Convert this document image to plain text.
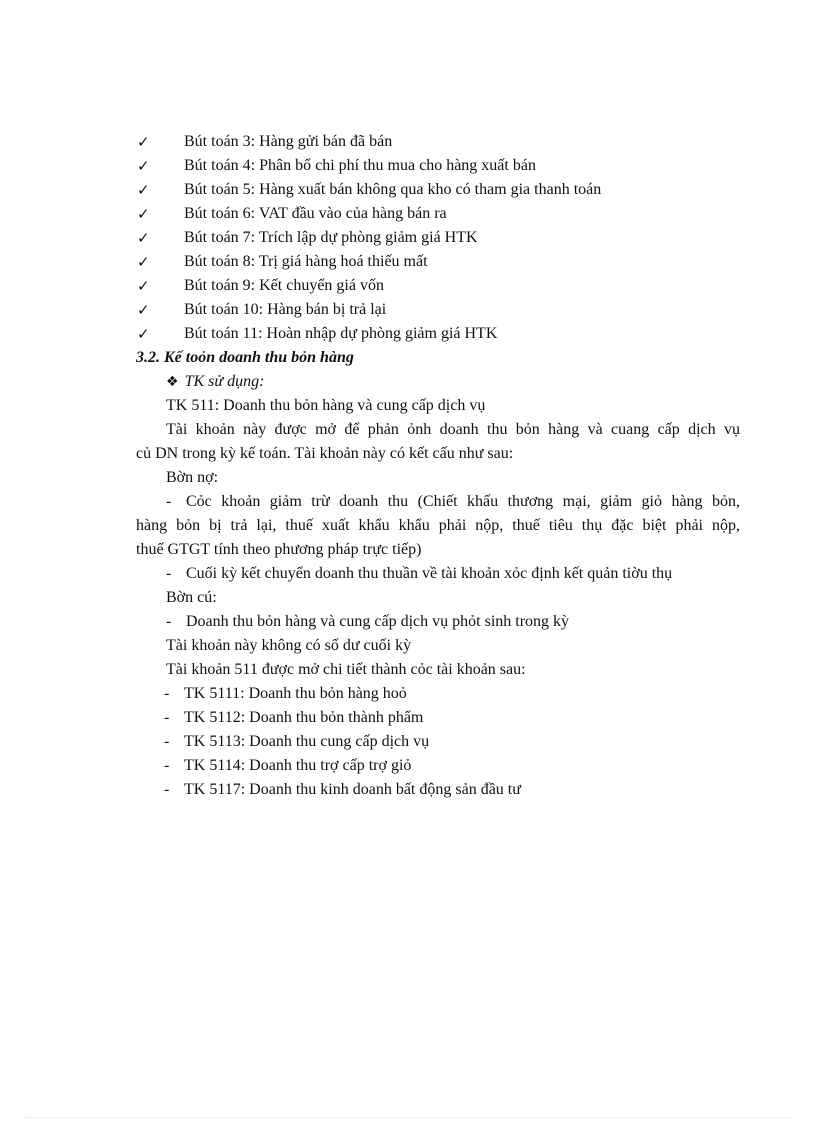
✓	Bút toán 3: Hàng gửi bán đã bán
✓	Bút toán 4: Phân bổ chi phí thu mua cho hàng xuất bán
✓	Bút toán 5: Hàng xuất bán không qua kho có tham gia thanh toán
✓	Bút toán 6: VAT đầu vào của hàng bán ra
✓	Bút toán 7: Trích lập dự phòng giảm giá HTK
✓	Bút toán 8: Trị giá hàng hoá thiếu mất
✓	Bút toán 9: Kết chuyển giá vốn
✓	Bút toán 10: Hàng bán bị trả lại
✓	Bút toán 11: Hoàn nhập dự phòng giảm giá HTK
3.2. Kế toỏn doanh thu bỏn hàng
❖ TK sử dụng:
TK 511: Doanh thu bỏn hàng và cung cấp dịch vụ
Tài khoản này được mở để phản ỏnh doanh thu bỏn hàng và cuang cấp dịch vụ
củ DN trong kỳ kế toán. Tài khoản này có kết cấu như sau:
Bờn nợ:
- Cỏc khoản giảm trừ doanh thu (Chiết khấu thương mại, giảm giỏ hàng bỏn,
hàng bỏn bị trả lại, thuế xuất khẩu khẩu phải nộp, thuế tiêu thụ đặc biệt phải nộp,
thuế GTGT tính theo phương pháp trực tiếp)
- Cuối kỳ kết chuyển doanh thu thuần về tài khoản xỏc định kết quản tiờu thụ
Bờn cú:
- Doanh thu bỏn hàng và cung cấp dịch vụ phỏt sinh trong kỳ
Tài khoản này không có số dư cuối kỳ
Tài khoản 511 được mở chi tiết thành cỏc tài khoản sau:
- TK 5111: Doanh thu bỏn hàng hoỏ
- TK 5112: Doanh thu bỏn thành phẩm
- TK 5113: Doanh thu cung cấp dịch vụ
- TK 5114: Doanh thu trợ cấp trợ giỏ
- TK 5117: Doanh thu kinh doanh bất động sản đầu tư
